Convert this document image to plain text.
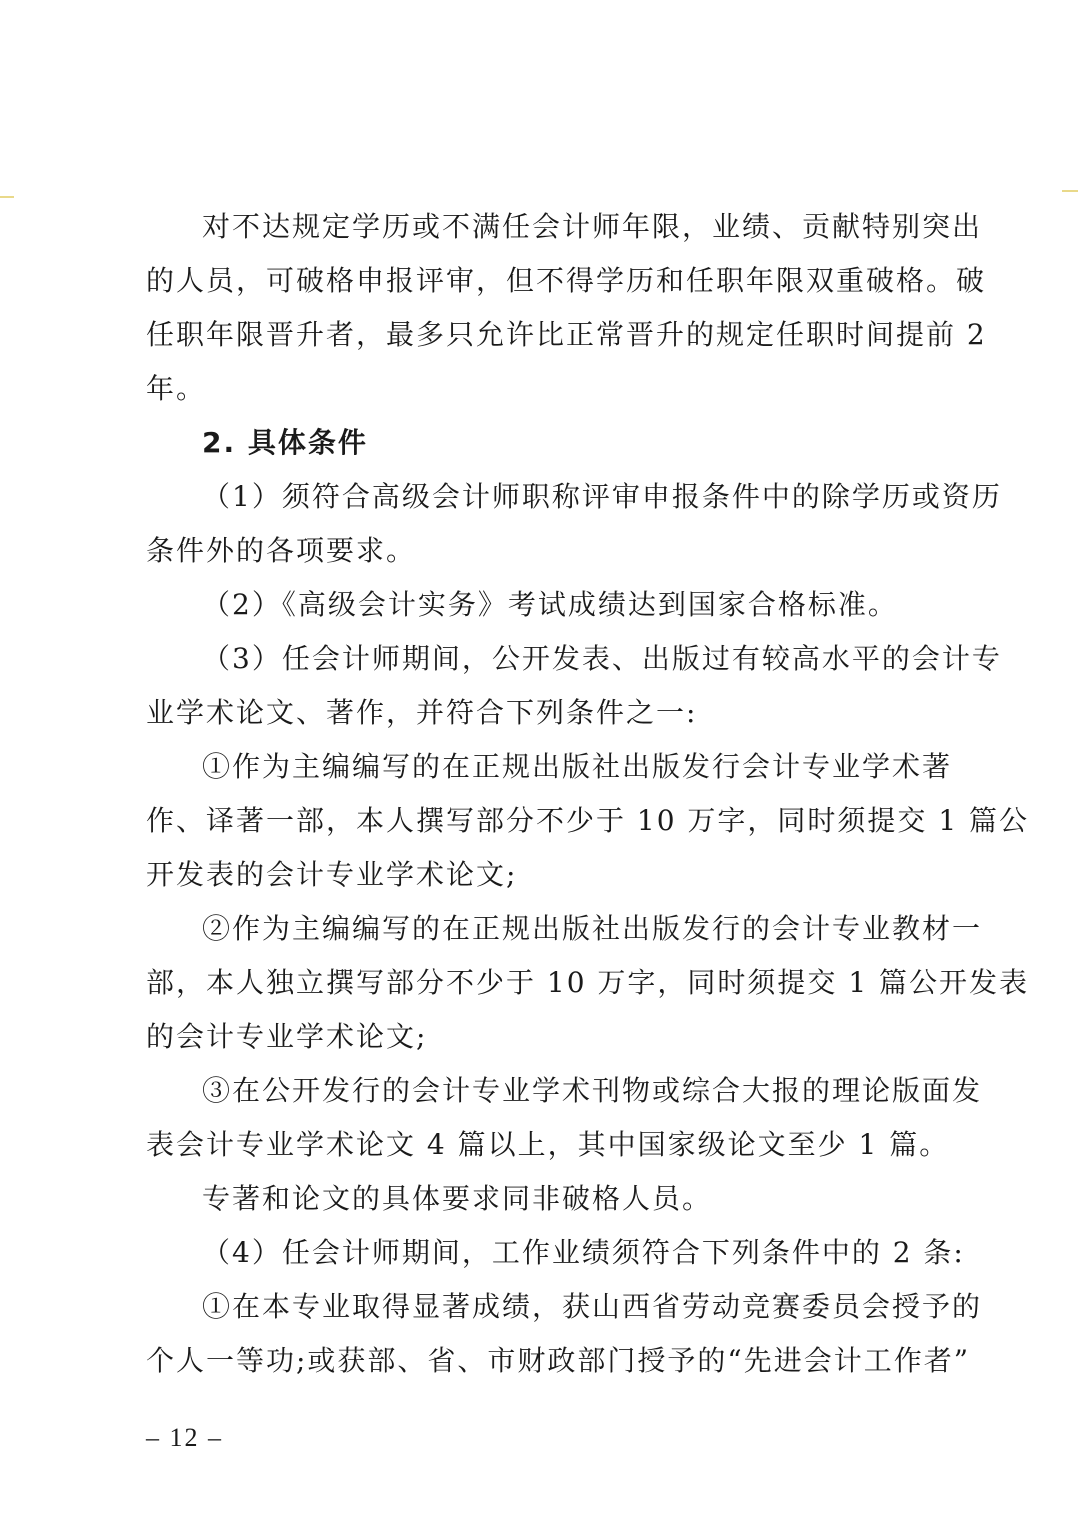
对不达规定学历或不满任会计师年限，业绩、贡献特别突出
的人员，可破格申报评审，但不得学历和任职年限双重破格。破
任职年限晋升者，最多只允许比正常晋升的规定任职时间提前 2
年。
2. 具体条件
（1）须符合高级会计师职称评审申报条件中的除学历或资历
条件外的各项要求。
（2）《高级会计实务》考试成绩达到国家合格标准。
（3）任会计师期间，公开发表、出版过有较高水平的会计专
业学术论文、著作，并符合下列条件之一:
①作为主编编写的在正规出版社出版发行会计专业学术著
作、译著一部，本人撰写部分不少于 10 万字，同时须提交 1 篇公
开发表的会计专业学术论文;
②作为主编编写的在正规出版社出版发行的会计专业教材一
部，本人独立撰写部分不少于 10 万字，同时须提交 1 篇公开发表
的会计专业学术论文;
③在公开发行的会计专业学术刊物或综合大报的理论版面发
表会计专业学术论文 4 篇以上，其中国家级论文至少 1 篇。
专著和论文的具体要求同非破格人员。
（4）任会计师期间，工作业绩须符合下列条件中的 2 条:
①在本专业取得显著成绩，获山西省劳动竞赛委员会授予的
个人一等功;或获部、省、市财政部门授予的“先进会计工作者”
– 12 –
